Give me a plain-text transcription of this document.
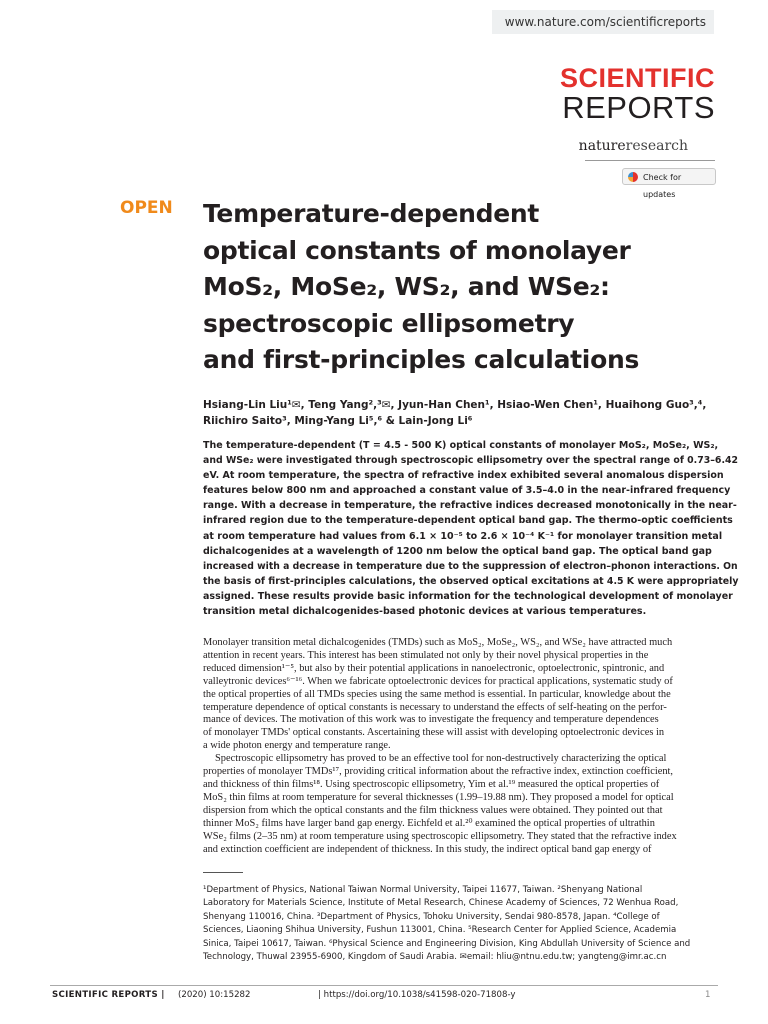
www.nature.com/scientificreports
SCIENTIFIC
REPORTS
natureresearch
Check for updates
OPEN Temperature-dependent
optical constants of monolayer
MoS₂, MoSe₂, WS₂, and WSe₂:
spectroscopic ellipsometry
and first-principles calculations
Hsiang-Lin Liu¹✉, Teng Yang²,³✉, Jyun-Han Chen¹, Hsiao-Wen Chen¹, Huaihong Guo³,⁴,
Riichiro Saito³, Ming-Yang Li⁵,⁶ & Lain-Jong Li⁶
The temperature-dependent (T = 4.5 - 500 K) optical constants of monolayer MoS₂, MoSe₂, WS₂,
and WSe₂ were investigated through spectroscopic ellipsometry over the spectral range of 0.73–6.42
eV. At room temperature, the spectra of refractive index exhibited several anomalous dispersion
features below 800 nm and approached a constant value of 3.5–4.0 in the near-infrared frequency
range. With a decrease in temperature, the refractive indices decreased monotonically in the near-
infrared region due to the temperature-dependent optical band gap. The thermo-optic coefficients
at room temperature had values from 6.1 × 10⁻⁵ to 2.6 × 10⁻⁴ K⁻¹ for monolayer transition metal
dichalcogenides at a wavelength of 1200 nm below the optical band gap. The optical band gap
increased with a decrease in temperature due to the suppression of electron–phonon interactions. On
the basis of first-principles calculations, the observed optical excitations at 4.5 K were appropriately
assigned. These results provide basic information for the technological development of monolayer
transition metal dichalcogenides-based photonic devices at various temperatures.
Monolayer transition metal dichalcogenides (TMDs) such as MoS₂, MoSe₂, WS₂, and WSe₂ have attracted much
attention in recent years. This interest has been stimulated not only by their novel physical properties in the
reduced dimension¹⁻⁵, but also by their potential applications in nanoelectronic, optoelectronic, spintronic, and
valleytronic devices⁶⁻¹⁶. When we fabricate optoelectronic devices for practical applications, systematic study of
the optical properties of all TMDs species using the same method is essential. In particular, knowledge about the
temperature dependence of optical constants is necessary to understand the effects of self-heating on the perfor-
mance of devices. The motivation of this work was to investigate the frequency and temperature dependences
of monolayer TMDs' optical constants. Ascertaining these will assist with developing optoelectronic devices in
a wide photon energy and temperature range.
Spectroscopic ellipsometry has proved to be an effective tool for non-destructively characterizing the optical
properties of monolayer TMDs¹⁷, providing critical information about the refractive index, extinction coefficient,
and thickness of thin films¹⁸. Using spectroscopic ellipsometry, Yim et al.¹⁹ measured the optical properties of
MoS₂ thin films at room temperature for several thicknesses (1.99–19.88 nm). They proposed a model for optical
dispersion from which the optical constants and the film thickness values were obtained. They pointed out that
thinner MoS₂ films have larger band gap energy. Eichfeld et al.²⁰ examined the optical properties of ultrathin
WSe₂ films (2–35 nm) at room temperature using spectroscopic ellipsometry. They stated that the refractive index
and extinction coefficient are independent of thickness. In this study, the indirect optical band gap energy of
¹Department of Physics, National Taiwan Normal University, Taipei 11677, Taiwan. ²Shenyang National
Laboratory for Materials Science, Institute of Metal Research, Chinese Academy of Sciences, 72 Wenhua Road,
Shenyang 110016, China. ³Department of Physics, Tohoku University, Sendai 980-8578, Japan. ⁴College of
Sciences, Liaoning Shihua University, Fushun 113001, China. ⁵Research Center for Applied Science, Academia
Sinica, Taipei 10617, Taiwan. ⁶Physical Science and Engineering Division, King Abdullah University of Science and
Technology, Thuwal 23955-6900, Kingdom of Saudi Arabia. ✉email: hliu@ntnu.edu.tw; yangteng@imr.ac.cn
SCIENTIFIC REPORTS | (2020) 10:15282	| https://doi.org/10.1038/s41598-020-71808-y	1
